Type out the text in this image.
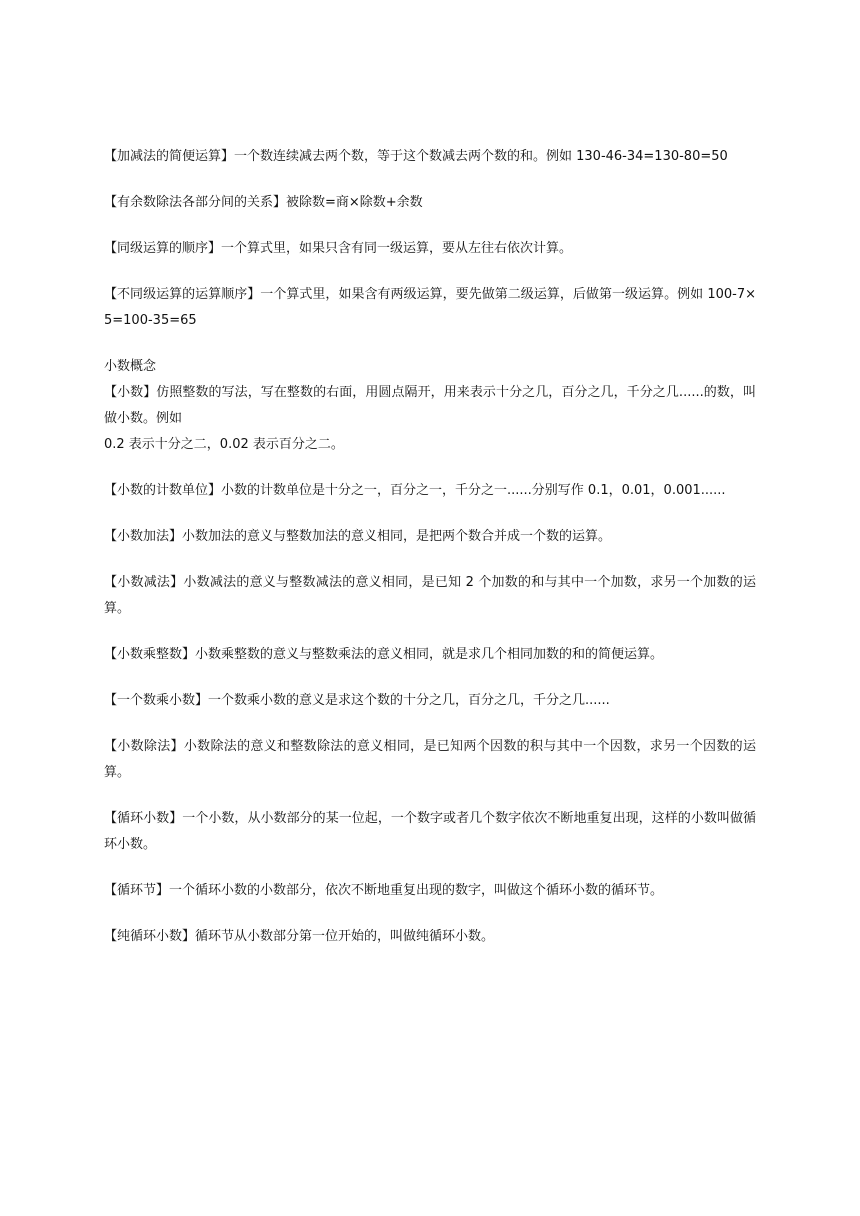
【加减法的简便运算】一个数连续减去两个数，等于这个数减去两个数的和。例如 130-46-34=130-80=50

【有余数除法各部分间的关系】被除数=商×除数+余数

【同级运算的顺序】一个算式里，如果只含有同一级运算，要从左往右依次计算。

【不同级运算的运算顺序】一个算式里，如果含有两级运算，要先做第二级运算，后做第一级运算。例如 100-7×5=100-35=65

小数概念

【小数】仿照整数的写法，写在整数的右面，用圆点隔开，用来表示十分之几，百分之几，千分之几......的数，叫做小数。例如
0.2 表示十分之二，0.02 表示百分之二。

【小数的计数单位】小数的计数单位是十分之一，百分之一，千分之一......分别写作 0.1，0.01，0.001......

【小数加法】小数加法的意义与整数加法的意义相同，是把两个数合并成一个数的运算。

【小数减法】小数减法的意义与整数减法的意义相同，是已知 2 个加数的和与其中一个加数，求另一个加数的运算。

【小数乘整数】小数乘整数的意义与整数乘法的意义相同，就是求几个相同加数的和的简便运算。

【一个数乘小数】一个数乘小数的意义是求这个数的十分之几，百分之几，千分之几......

【小数除法】小数除法的意义和整数除法的意义相同，是已知两个因数的积与其中一个因数，求另一个因数的运算。

【循环小数】一个小数，从小数部分的某一位起，一个数字或者几个数字依次不断地重复出现，这样的小数叫做循环小数。

【循环节】一个循环小数的小数部分，依次不断地重复出现的数字，叫做这个循环小数的循环节。

【纯循环小数】循环节从小数部分第一位开始的，叫做纯循环小数。
